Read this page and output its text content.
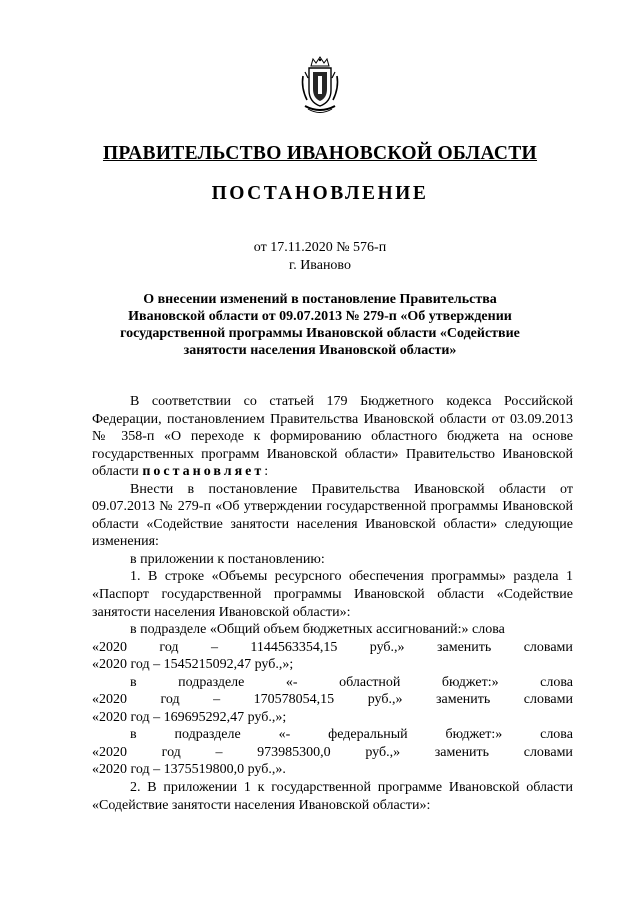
ПРАВИТЕЛЬСТВО ИВАНОВСКОЙ ОБЛАСТИ
ПОСТАНОВЛЕНИЕ
от 17.11.2020 № 576-п
г. Иваново
О внесении изменений в постановление Правительства
Ивановской области от 09.07.2013 № 279-п «Об утверждении
государственной программы Ивановской области «Содействие
занятости населения Ивановской области»

В соответствии со статьей 179 Бюджетного кодекса Российской Федерации, постановлением Правительства Ивановской области от 03.09.2013 № 358-п «О переходе к формированию областного бюджета на основе государственных программ Ивановской области» Правительство Ивановской области постановляет:

Внести в постановление Правительства Ивановской области от 09.07.2013 № 279-п «Об утверждении государственной программы Ивановской области «Содействие занятости населения Ивановской области» следующие изменения:

в приложении к постановлению:

1. В строке «Объемы ресурсного обеспечения программы» раздела 1 «Паспорт государственной программы Ивановской области «Содействие занятости населения Ивановской области»:

в подразделе «Общий объем бюджетных ассигнований:» слова

«2020 год – 1144563354,15 руб.,» заменить словами

«2020 год – 1545215092,47 руб.,»;

в	подразделе	«-	областной	бюджет:»	слова
«2020 год – 170578054,15 руб.,» заменить словами

«2020 год – 169695292,47 руб.,»;

в	подразделе	«-	федеральный	бюджет:»	слова
«2020 год – 973985300,0 руб.,» заменить словами

«2020 год – 1375519800,0 руб.,».

2. В приложении 1 к государственной программе Ивановской области «Содействие занятости населения Ивановской области»:
